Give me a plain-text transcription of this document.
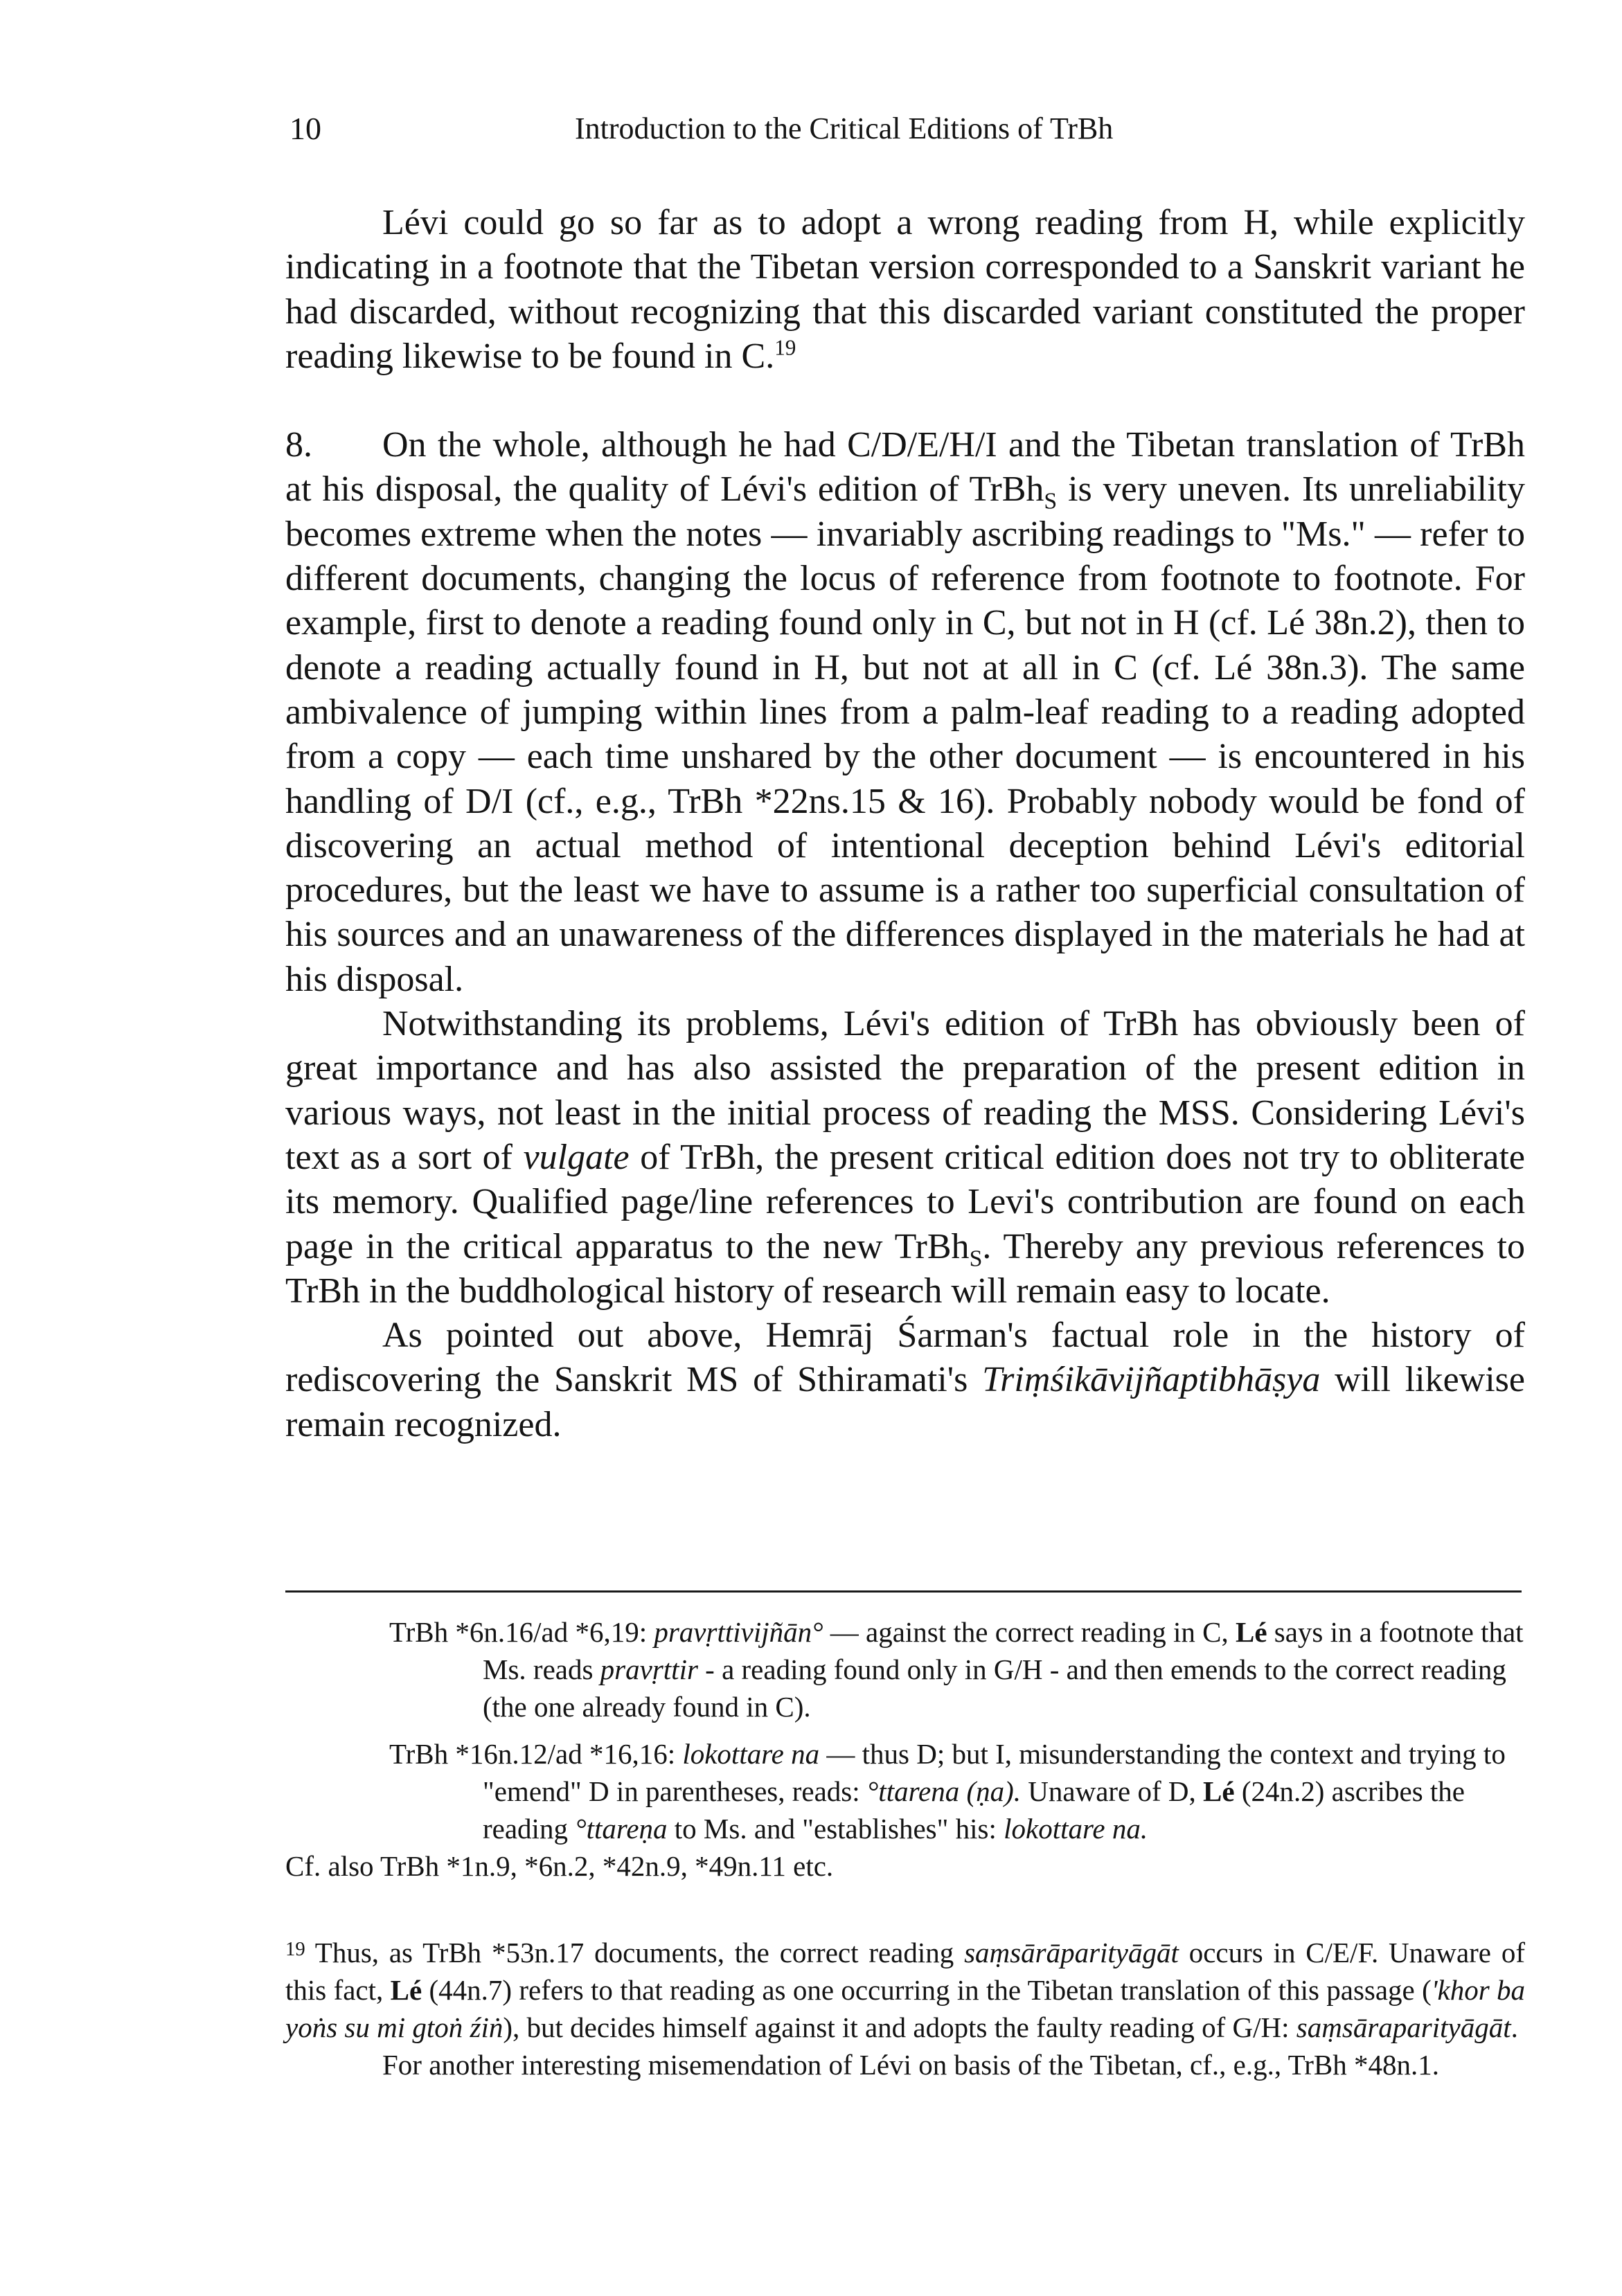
10	Introduction to the Critical Editions of TrBh

Lévi could go so far as to adopt a wrong reading from H, while explicitly indicating in a footnote that the Tibetan version corresponded to a Sanskrit variant he had discarded, without recognizing that this discarded variant constituted the proper reading likewise to be found in C.$^{19}$

8. On the whole, although he had C/D/E/H/I and the Tibetan translation of TrBh at his disposal, the quality of Lévi's edition of TrBh$_S$ is very uneven. Its unreliability becomes extreme when the notes — invariably ascribing readings to "Ms." — refer to different documents, changing the locus of reference from footnote to footnote. For example, first to denote a reading found only in C, but not in H (cf. Lé 38n.2), then to denote a reading actually found in H, but not at all in C (cf. Lé 38n.3). The same ambivalence of jumping within lines from a palm-leaf reading to a reading adopted from a copy — each time unshared by the other document — is encountered in his handling of D/I (cf., e.g., TrBh *22ns.15 & 16). Probably nobody would be fond of discovering an actual method of intentional deception behind Lévi's editorial procedures, but the least we have to assume is a rather too superficial consultation of his sources and an unawareness of the differences displayed in the materials he had at his disposal.

Notwithstanding its problems, Lévi's edition of TrBh has obviously been of great importance and has also assisted the preparation of the present edition in various ways, not least in the initial process of reading the MSS. Considering Lévi's text as a sort of vulgate of TrBh, the present critical edition does not try to obliterate its memory. Qualified page/line references to Levi's contribution are found on each page in the critical apparatus to the new TrBh$_S$. Thereby any previous references to TrBh in the buddhological history of research will remain easy to locate.

As pointed out above, Hemrāj Śarman's factual role in the history of rediscovering the Sanskrit MS of Sthiramati's Triṃśikāvijñaptibhāṣya will likewise remain recognized.

TrBh *6n.16/ad *6,19: pravṛttivijñān° — against the correct reading in C, Lé says in a footnote that Ms. reads pravṛttir - a reading found only in G/H - and then emends to the correct reading (the one already found in C).

TrBh *16n.12/ad *16,16: lokottare na — thus D; but I, misunderstanding the context and trying to "emend" D in parentheses, reads: °ttarena (ṇa). Unaware of D, Lé (24n.2) ascribes the reading °ttareṇa to Ms. and "establishes" his: lokottare na.

Cf. also TrBh *1n.9, *6n.2, *42n.9, *49n.11 etc.

$^{19}$ Thus, as TrBh *53n.17 documents, the correct reading saṃsārāparityāgāt occurs in C/E/F. Unaware of this fact, Lé (44n.7) refers to that reading as one occurring in the Tibetan translation of this passage ('khor ba yoṅs su mi gtoṅ źiṅ), but decides himself against it and adopts the faulty reading of G/H: saṃsāraparityāgāt.

For another interesting misemendation of Lévi on basis of the Tibetan, cf., e.g., TrBh *48n.1.
